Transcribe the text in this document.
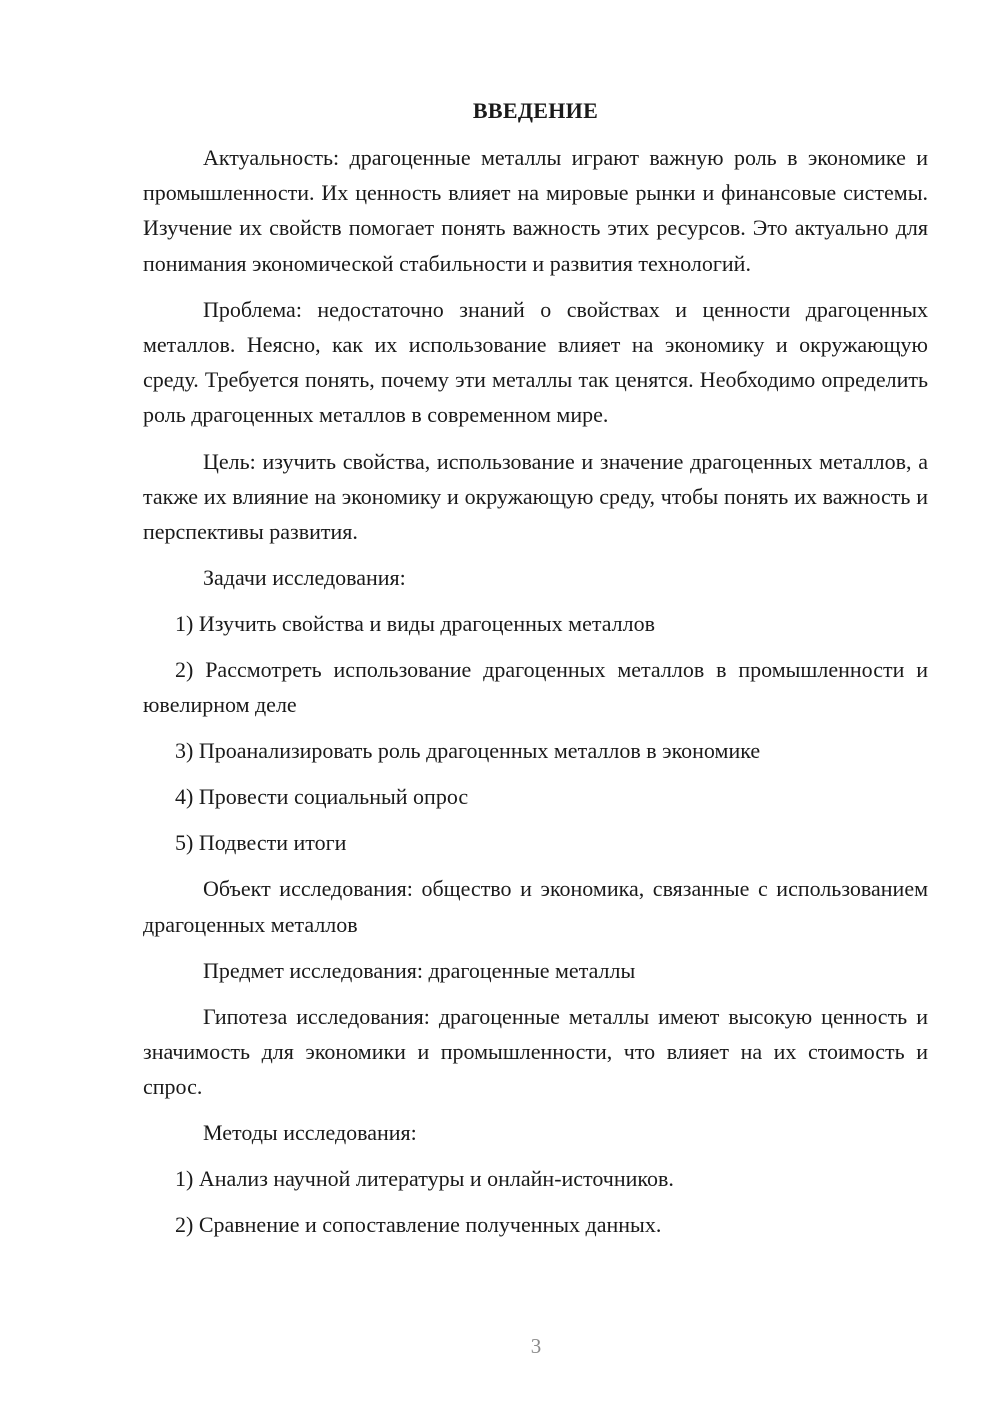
ВВЕДЕНИЕ

Актуальность: драгоценные металлы играют важную роль в экономике и промышленности. Их ценность влияет на мировые рынки и финансовые системы. Изучение их свойств помогает понять важность этих ресурсов. Это актуально для понимания экономической стабильности и развития технологий.

Проблема: недостаточно знаний о свойствах и ценности драгоценных металлов. Неясно, как их использование влияет на экономику и окружающую среду. Требуется понять, почему эти металлы так ценятся. Необходимо определить роль драгоценных металлов в современном мире.

Цель: изучить свойства, использование и значение драгоценных металлов, а также их влияние на экономику и окружающую среду, чтобы понять их важность и перспективы развития.

Задачи исследования:

1) Изучить свойства и виды драгоценных металлов

2) Рассмотреть использование драгоценных металлов в промышленности и ювелирном деле

3) Проанализировать роль драгоценных металлов в экономике

4) Провести социальный опрос

5) Подвести итоги

Объект исследования: общество и экономика, связанные с использованием драгоценных металлов

Предмет исследования: драгоценные металлы

Гипотеза исследования: драгоценные металлы имеют высокую ценность и значимость для экономики и промышленности, что влияет на их стоимость и спрос.

Методы исследования:

1) Анализ научной литературы и онлайн-источников.

2) Сравнение и сопоставление полученных данных.

3
